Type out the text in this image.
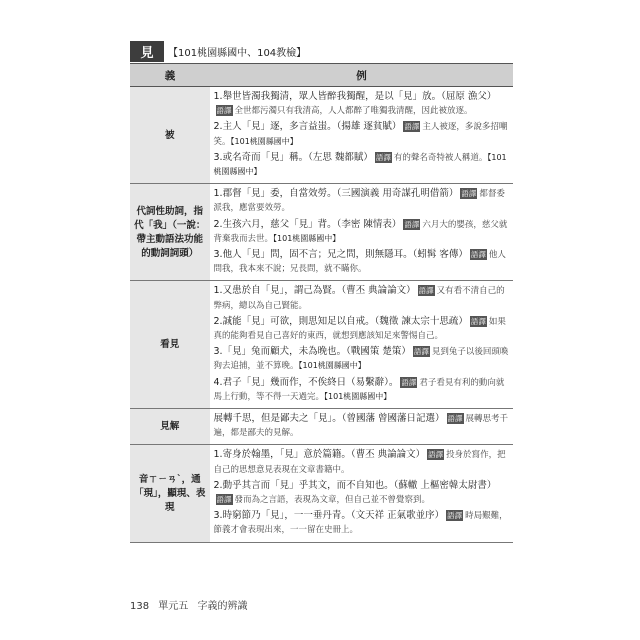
見	【101桃園縣國中、104教檢】
義	例
被	1.舉世皆濁我獨清，眾人皆醉我獨醒，是以「見」放。（屈原 漁父）語譯 全世都污濁只有我清高，人人都醉了唯獨我清醒，因此被放逐。
2.主人「見」逐，多言益蚩。（揚雄 逐貧賦） 語譯 主人被逐，多說多招嘲笑。【101桃園縣國中】
3.或名奇而「見」稱。（左思 魏都賦） 語譯 有的聲名奇特被人稱道。【101桃園縣國中】

代詞性助詞，指代「我」（一說：帶主動語法功能的動詞詞頭）	1.郡督「見」委，自當效勞。（三國演義 用奇謀孔明借箭） 語譯 都督委派我，應當要效勞。
2.生孩六月，慈父「見」背。（李密 陳情表） 語譯 六月大的嬰孩，慈父就背棄我而去世。【101桃園縣國中】
3.他人「見」問，固不言；兄之問，則無隱耳。（蚓髯 客傳） 語譯 他人問我，我本來不說；兄長問，就不瞞你。

看見	1.又患於自「見」，謂己為賢。（曹丕 典論論文） 語譯 又有看不清自己的弊病，總以為自己賢能。
2.誠能「見」可欲，則思知足以自戒。（魏徵 諫太宗十思疏） 語譯 如果真的能夠看見自己喜好的東西，就想到應該知足來警惕自己。
3.「見」兔而顧犬，未為晚也。（戰國策 楚策） 語譯 見到兔子以後回頭喚狗去追捕，並不算晚。【101桃園縣國中】
4.君子「見」幾而作，不俟終日（易繫辭）。 語譯 君子看見有利的動向就馬上行動，等不得一天過完。【101桃園縣國中】

見解	展轉千思，但是鄙夫之「見」。（曾國藩 曾國藩日記選） 語譯 展轉思考千遍，都是鄙夫的見解。

音ㄒㄧㄢˋ，通「現」，顯現、表現	1.寄身於翰墨，「見」意於篇籍。（曹丕 典論論文） 語譯 投身於寫作，把自己的思想意見表現在文章書籍中。
2.動乎其言而「見」乎其文，而不自知也。（蘇轍 上樞密韓太尉書）語譯 發而為之言語，表現為文章，但自己並不曾覺察到。
3.時窮節乃「見」，一一垂丹青。（文天祥 正氣歌並序） 語譯 時局艱難，節義才會表現出來，一一留在史冊上。
138 單元五 字義的辨識
